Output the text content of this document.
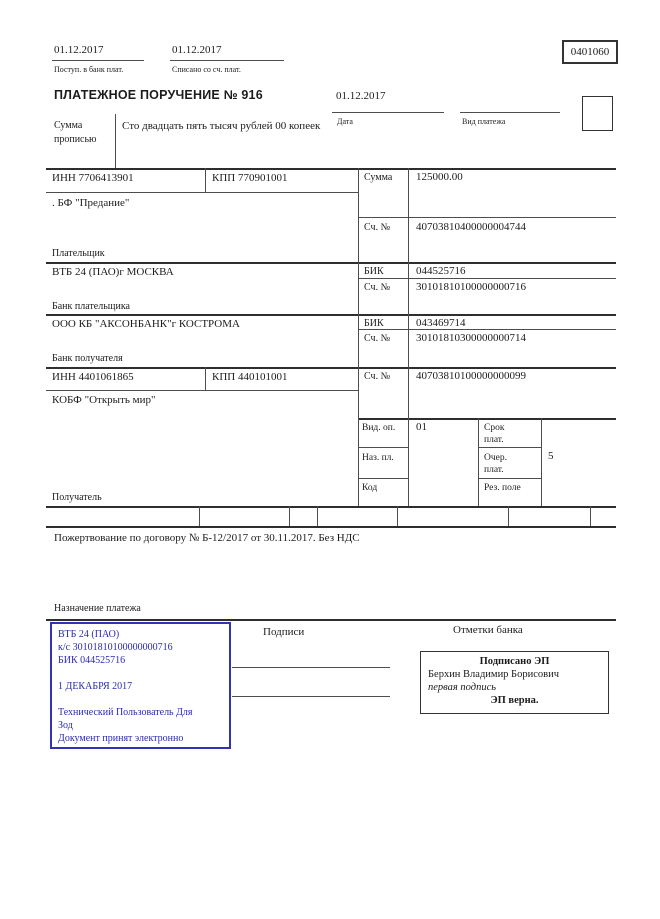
01.12.2017
Поступ. в банк плат.
01.12.2017
Списано со сч. плат.
0401060
ПЛАТЕЖНОЕ ПОРУЧЕНИЕ № 916	01.12.2017
Дата	Вид платежа
Сумма
прописью
Сто двадцать пять тысяч рублей 00 копеек
ИНН 7706413901	КПП 770901001	Сумма 125000.00
. БФ "Предание"
Сч. № 40703810400000004744
Плательщик
ВТБ 24 (ПАО)г МОСКВА	БИК	044525716
Сч. № 30101810100000000716
Банк плательщика
ООО КБ "АКСОНБАНК"г КОСТРОМА	БИК	043469714
Сч. № 30101810300000000714
Банк получателя
ИНН 4401061865	КПП 440101001	Сч. № 40703810100000000099
КОБФ "Открыть мир"
Получатель
Вид. оп. 01	Срок
плат.
Наз. пл.	Очер.
плат.
5
Код	Рез. поле
Пожертвование по договору № Б-12/2017 от 30.11.2017. Без НДС
Назначение платежа
Подписи	Отметки банка
ВТБ 24 (ПАО)
к/с 30101810100000000716
БИК 044525716
1 ДЕКАБРЯ 2017
Технический Пользователь Для
Зод
Документ принят электронно
Подписано ЭП
Берхин Владимир Борисович
первая подпись
ЭП верна.
